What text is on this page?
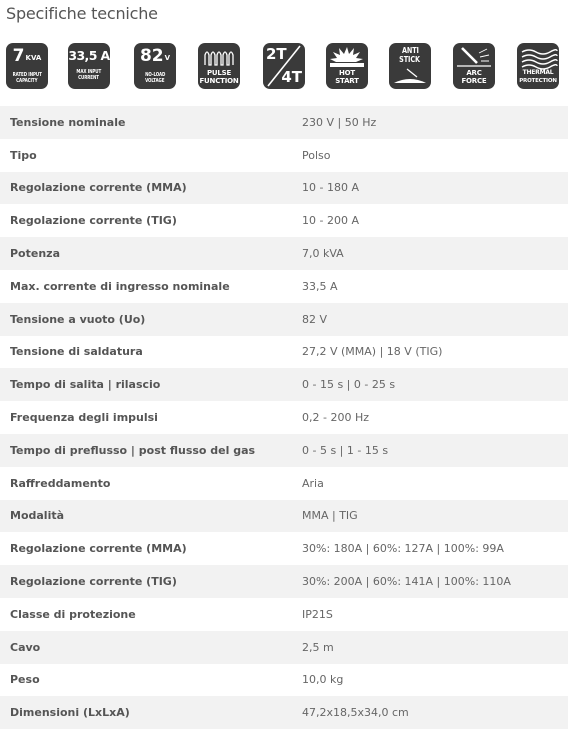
Specifiche tecniche
$7_{KVA}$
RATED INPUT
CAPACITY
33,5 A
MAX INPUT
CURRENT
$82_V$
NO-LOAD
VOLTAGE
PULSE
FUNCTION
2T
4T	HOT
START
ANTI
STICK
ARC
FORCE
THERMAL
PROTECTION
Tensione nominale	230 V | 50 Hz
Tipo	Polso
Regolazione corrente (MMA)	10 - 180 A
Regolazione corrente (TIG)	10 - 200 A
Potenza	7,0 kVA
Max. corrente di ingresso nominale	33,5 A
Tensione a vuoto (Uo)	82 V
Tensione di saldatura	27,2 V (MMA) | 18 V (TIG)
Tempo di salita | rilascio	0 - 15 s | 0 - 25 s
Frequenza degli impulsi	0,2 - 200 Hz
Tempo di preflusso | post flusso del gas	0 - 5 s | 1 - 15 s
Raffreddamento	Aria
Modalità	MMA | TIG
Regolazione corrente (MMA)	30%: 180A | 60%: 127A | 100%: 99A
Regolazione corrente (TIG)	30%: 200A | 60%: 141A | 100%: 110A
Classe di protezione	IP21S
Cavo	2,5 m
Peso	10,0 kg
Dimensioni (LxLxA)	47,2x18,5x34,0 cm
